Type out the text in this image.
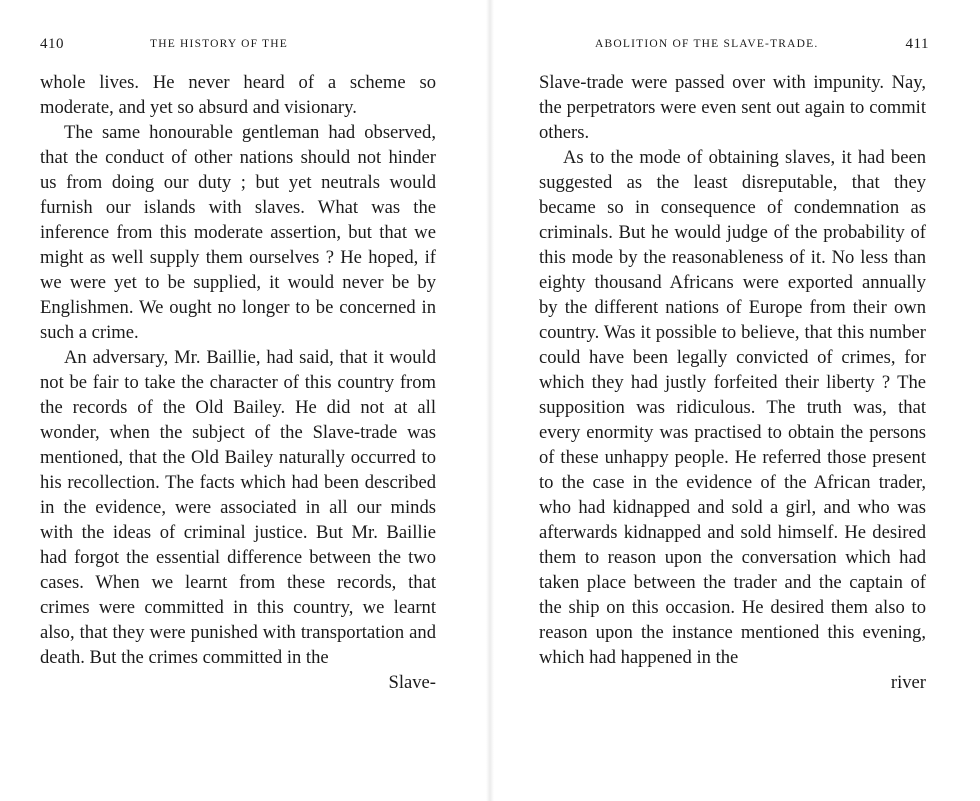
410	THE HISTORY OF THE

whole lives. He never heard of a scheme so moderate, and yet so absurd and visionary.

The same honourable gentleman had observed, that the conduct of other nations should not hinder us from doing our duty ; but yet neutrals would furnish our islands with slaves. What was the inference from this moderate assertion, but that we might as well supply them ourselves ? He hoped, if we were yet to be supplied, it would never be by Englishmen. We ought no longer to be concerned in such a crime.

An adversary, Mr. Baillie, had said, that it would not be fair to take the character of this country from the records of the Old Bailey. He did not at all wonder, when the subject of the Slave-trade was mentioned, that the Old Bailey naturally occurred to his recollection. The facts which had been described in the evidence, were associated in all our minds with the ideas of criminal justice. But Mr. Baillie had forgot the essential difference between the two cases. When we learnt from these records, that crimes were committed in this country, we learnt also, that they were punished with transportation and death. But the crimes committed in the

Slave-

ABOLITION OF THE SLAVE-TRADE.	411

Slave-trade were passed over with impunity. Nay, the perpetrators were even sent out again to commit others.

As to the mode of obtaining slaves, it had been suggested as the least disreputable, that they became so in consequence of condemnation as criminals. But he would judge of the probability of this mode by the reasonableness of it. No less than eighty thousand Africans were exported annually by the different nations of Europe from their own country. Was it possible to believe, that this number could have been legally convicted of crimes, for which they had justly forfeited their liberty ? The supposition was ridiculous. The truth was, that every enormity was practised to obtain the persons of these unhappy people. He referred those present to the case in the evidence of the African trader, who had kidnapped and sold a girl, and who was afterwards kidnapped and sold himself. He desired them to reason upon the conversation which had taken place between the trader and the captain of the ship on this occasion. He desired them also to reason upon the instance mentioned this evening, which had happened in the

river
